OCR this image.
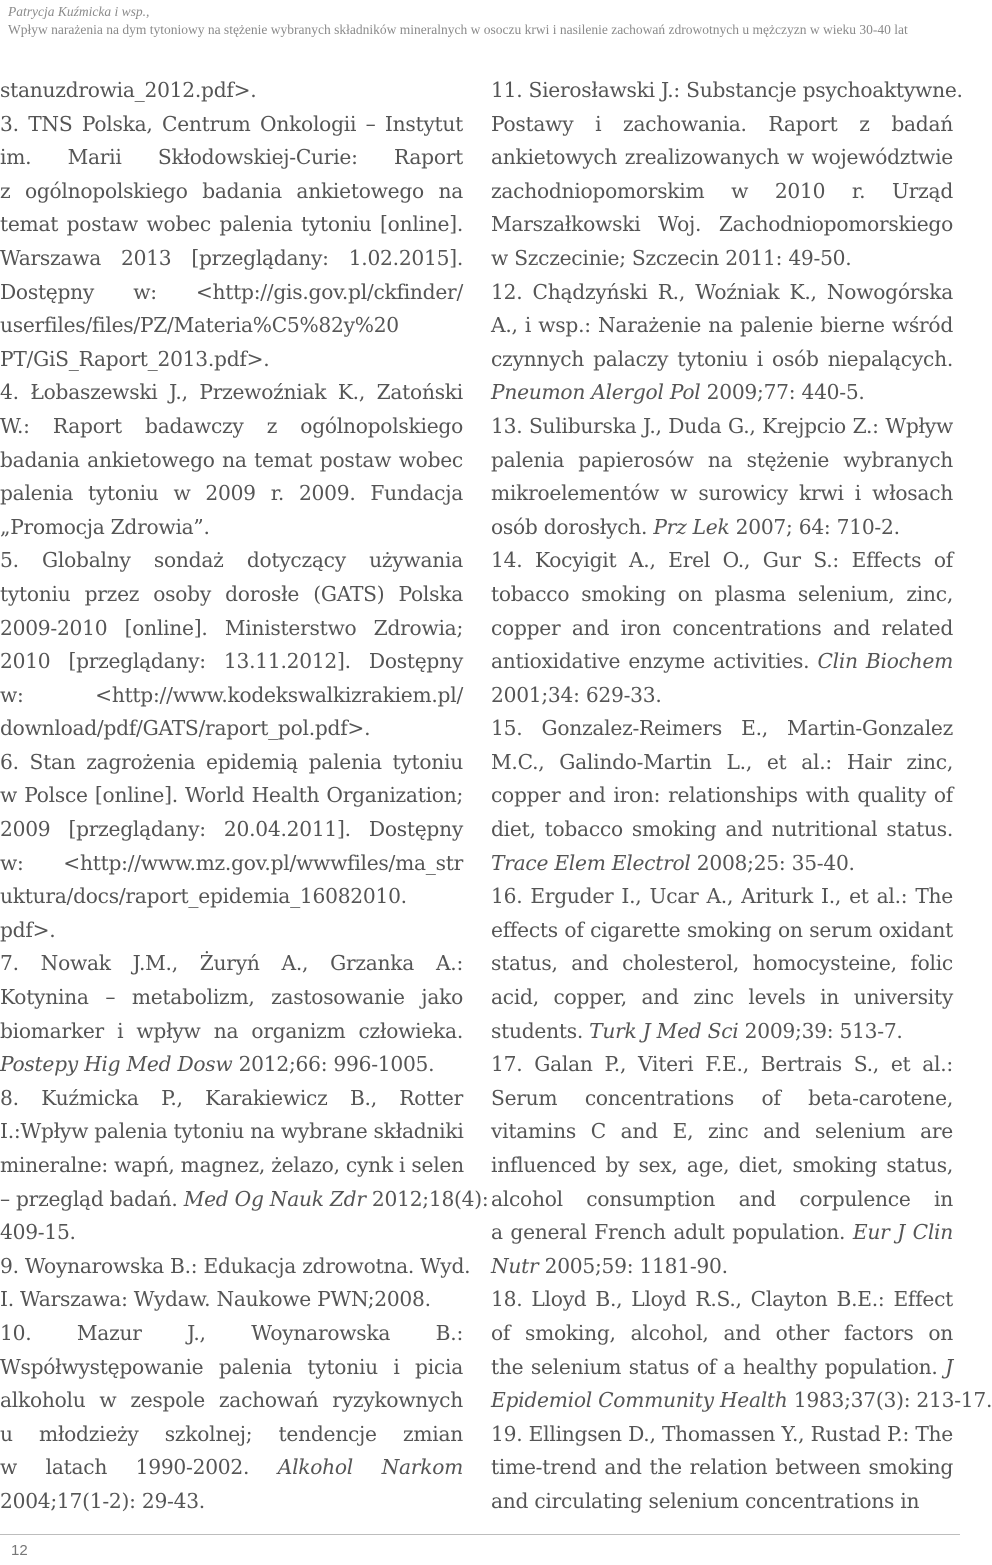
Patrycja Kuźmicka i wsp.,
Wpływ narażenia na dym tytoniowy na stężenie wybranych składników mineralnych w osoczu krwi i nasilenie zachowań zdrowotnych u mężczyzn w wieku 30-40 lat

stanuzdrowia_2012.pdf>.

3. TNS Polska, Centrum Onkologii – Instytut
im. Marii Skłodowskiej-Curie: Raport
z ogólnopolskiego badania ankietowego na
temat postaw wobec palenia tytoniu [online].
Warszawa 2013 [przeglądany: 1.02.2015].
Dostępny w: <http://gis.gov.pl/ckfinder/
userfiles/files/PZ/Materia%C5%82y%20
PT/GiS_Raport_2013.pdf>.

4. Łobaszewski J., Przewoźniak K., Zatoński
W.: Raport badawczy z ogólnopolskiego
badania ankietowego na temat postaw wobec
palenia tytoniu w 2009 r. 2009. Fundacja
„Promocja Zdrowia”.

5. Globalny sondaż dotyczący używania
tytoniu przez osoby dorosłe (GATS) Polska
2009-2010 [online]. Ministerstwo Zdrowia;
2010 [przeglądany: 13.11.2012]. Dostępny
w: <http://www.kodekswalkizrakiem.pl/
download/pdf/GATS/raport_pol.pdf>.

6. Stan zagrożenia epidemią palenia tytoniu
w Polsce [online]. World Health Organization;
2009 [przeglądany: 20.04.2011]. Dostępny
w: <http://www.mz.gov.pl/wwwfiles/ma_str
uktura/docs/raport_epidemia_16082010.
pdf>.

7. Nowak J.M., Żuryń A., Grzanka A.:
Kotynina – metabolizm, zastosowanie jako
biomarker i wpływ na organizm człowieka.
Postepy Hig Med Dosw 2012;66: 996-1005.

8. Kuźmicka P., Karakiewicz B., Rotter
I.:Wpływ palenia tytoniu na wybrane składniki
mineralne: wapń, magnez, żelazo, cynk i selen
– przegląd badań. Med Og Nauk Zdr 2012;18(4):
409-15.

9. Woynarowska B.: Edukacja zdrowotna. Wyd.
I. Warszawa: Wydaw. Naukowe PWN;2008.

10. Mazur J., Woynarowska B.:
Współwystępowanie palenia tytoniu i picia
alkoholu w zespole zachowań ryzykownych
u młodzieży szkolnej; tendencje zmian
w latach 1990-2002. Alkohol Narkom
2004;17(1-2): 29-43.

11. Sierosławski J.: Substancje psychoaktywne.
Postawy i zachowania. Raport z badań
ankietowych zrealizowanych w województwie
zachodniopomorskim w 2010 r. Urząd
Marszałkowski Woj. Zachodniopomorskiego
w Szczecinie; Szczecin 2011: 49-50.

12. Chądzyński R., Woźniak K., Nowogórska
A., i wsp.: Narażenie na palenie bierne wśród
czynnych palaczy tytoniu i osób niepalących.
Pneumon Alergol Pol 2009;77: 440-5.

13. Suliburska J., Duda G., Krejpcio Z.: Wpływ
palenia papierosów na stężenie wybranych
mikroelementów w surowicy krwi i włosach
osób dorosłych. Prz Lek 2007; 64: 710-2.

14. Kocyigit A., Erel O., Gur S.: Effects of
tobacco smoking on plasma selenium, zinc,
copper and iron concentrations and related
antioxidative enzyme activities. Clin Biochem
2001;34: 629-33.

15. Gonzalez-Reimers E., Martin-Gonzalez
M.C., Galindo-Martin L., et al.: Hair zinc,
copper and iron: relationships with quality of
diet, tobacco smoking and nutritional status.
Trace Elem Electrol 2008;25: 35-40.

16. Erguder I., Ucar A., Ariturk I., et al.: The
effects of cigarette smoking on serum oxidant
status, and cholesterol, homocysteine, folic
acid, copper, and zinc levels in university
students. Turk J Med Sci 2009;39: 513-7.

17. Galan P., Viteri F.E., Bertrais S., et al.:
Serum concentrations of beta-carotene,
vitamins C and E, zinc and selenium are
influenced by sex, age, diet, smoking status,
alcohol consumption and corpulence in
a general French adult population. Eur J Clin
Nutr 2005;59: 1181-90.

18. Lloyd B., Lloyd R.S., Clayton B.E.: Effect
of smoking, alcohol, and other factors on
the selenium status of a healthy population. J
Epidemiol Community Health 1983;37(3): 213-17.

19. Ellingsen D., Thomassen Y., Rustad P.: The
time-trend and the relation between smoking
and circulating selenium concentrations in

12
